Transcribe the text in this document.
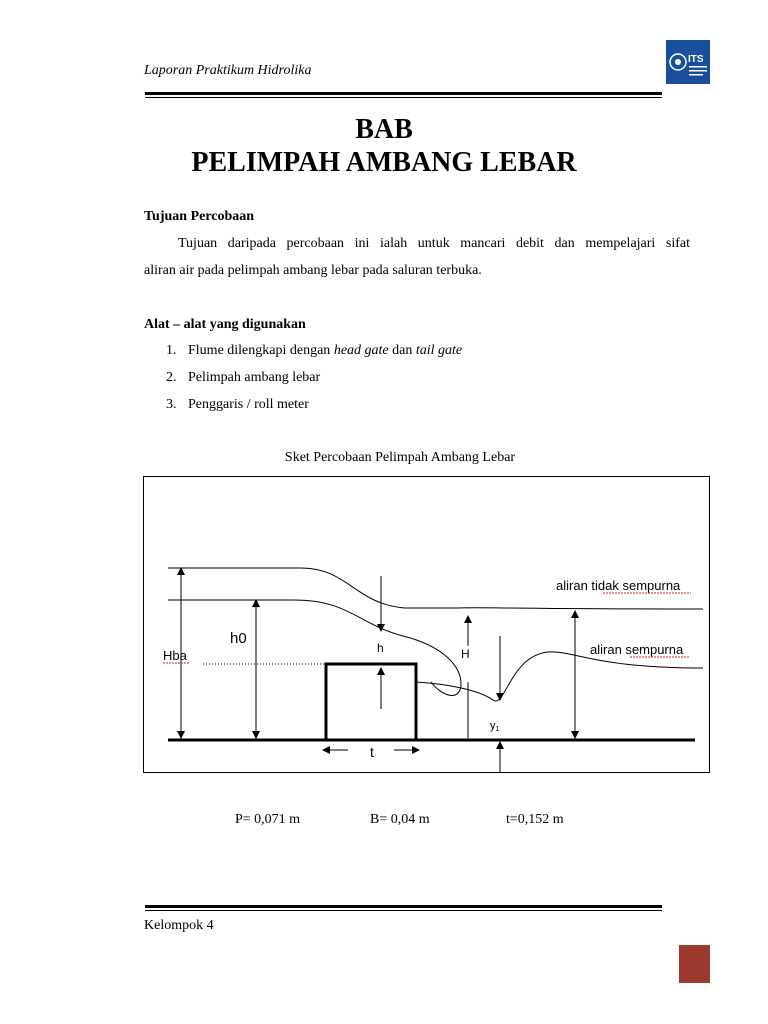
Laporan Praktikum Hidrolika
ITS
BAB
PELIMPAH AMBANG LEBAR
Tujuan Percobaan
Tujuan daripada percobaan ini ialah untuk mancari debit dan mempelajari sifat
aliran air pada pelimpah ambang lebar pada saluran terbuka.
Alat – alat yang digunakan
1. Flume dilengkapi dengan head gate dan tail gate
2. Pelimpah ambang lebar
3. Penggaris / roll meter
Sket Percobaan Pelimpah Ambang Lebar
Hba
h0
h	H
y1
t
aliran tidak sempurna
aliran sempurna
P= 0,071 m	B= 0,04 m	t=0,152 m
Kelompok 4
